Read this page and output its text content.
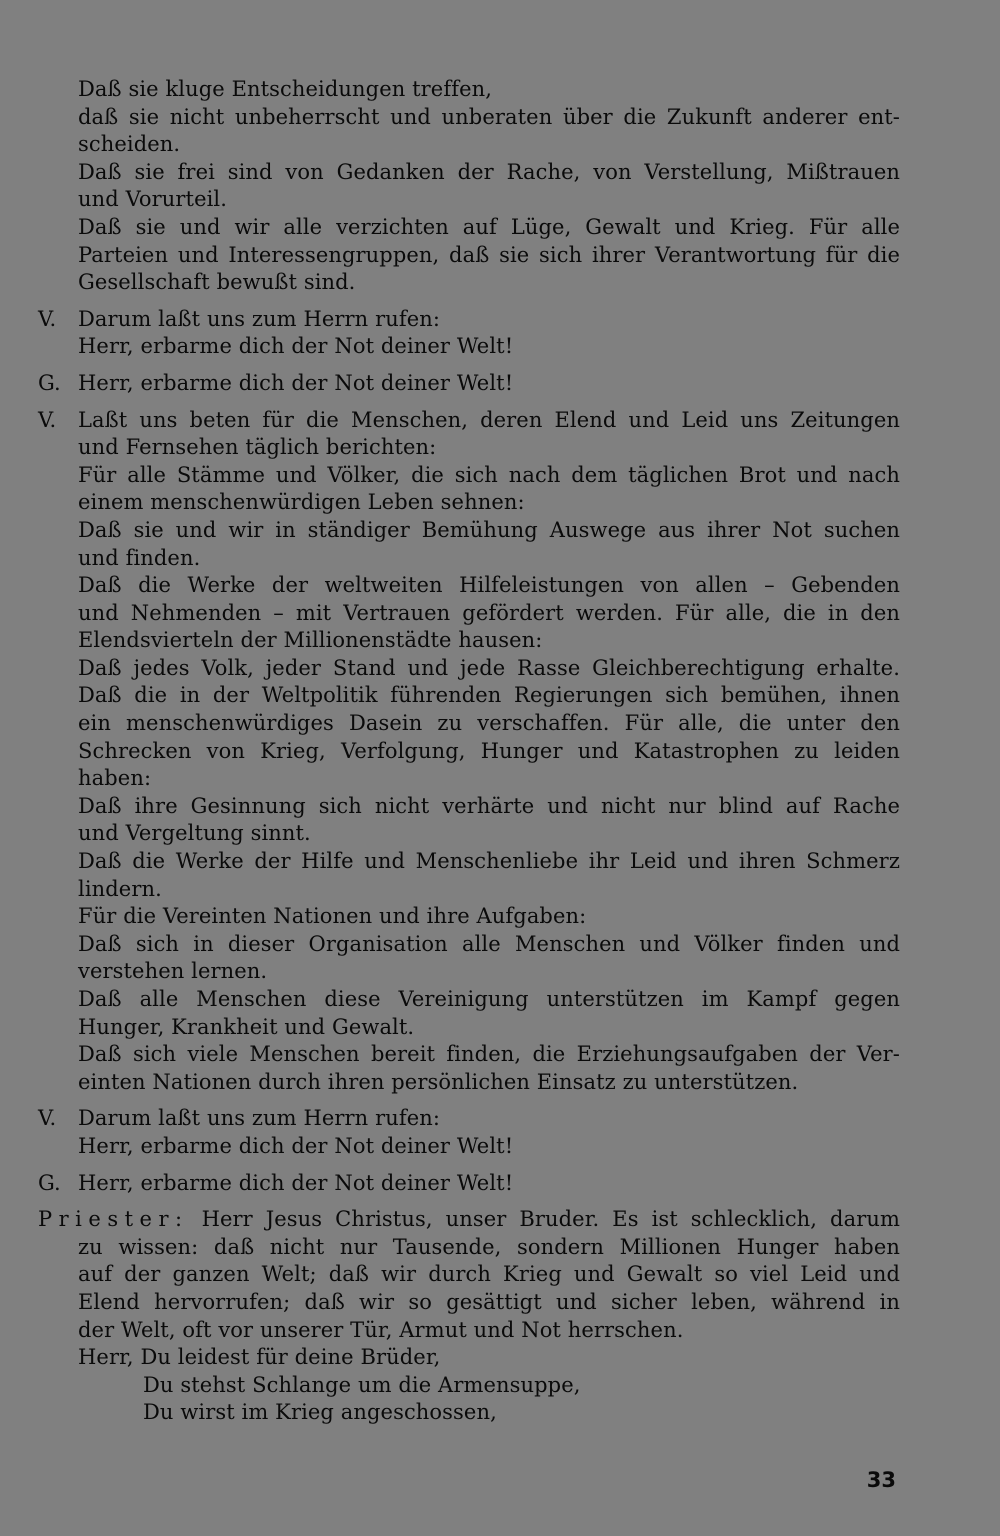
Daß sie kluge Entscheidungen treffen,
daß sie nicht unbeherrscht und unberaten über die Zukunft anderer ent-
scheiden.
Daß sie frei sind von Gedanken der Rache, von Verstellung, Mißtrauen
und Vorurteil.
Daß sie und wir alle verzichten auf Lüge, Gewalt und Krieg. Für alle
Parteien und Interessengruppen, daß sie sich ihrer Verantwortung für die
Gesellschaft bewußt sind.
V. Darum laßt uns zum Herrn rufen:
Herr, erbarme dich der Not deiner Welt!
G. Herr, erbarme dich der Not deiner Welt!
V. Laßt uns beten für die Menschen, deren Elend und Leid uns Zeitungen
und Fernsehen täglich berichten:
Für alle Stämme und Völker, die sich nach dem täglichen Brot und nach
einem menschenwürdigen Leben sehnen:
Daß sie und wir in ständiger Bemühung Auswege aus ihrer Not suchen
und finden.
Daß die Werke der weltweiten Hilfeleistungen von allen – Gebenden
und Nehmenden – mit Vertrauen gefördert werden. Für alle, die in den
Elendsvierteln der Millionenstädte hausen:
Daß jedes Volk, jeder Stand und jede Rasse Gleichberechtigung erhalte.
Daß die in der Weltpolitik führenden Regierungen sich bemühen, ihnen
ein menschenwürdiges Dasein zu verschaffen. Für alle, die unter den
Schrecken von Krieg, Verfolgung, Hunger und Katastrophen zu leiden
haben:
Daß ihre Gesinnung sich nicht verhärte und nicht nur blind auf Rache
und Vergeltung sinnt.
Daß die Werke der Hilfe und Menschenliebe ihr Leid und ihren Schmerz
lindern.
Für die Vereinten Nationen und ihre Aufgaben:
Daß sich in dieser Organisation alle Menschen und Völker finden und
verstehen lernen.
Daß alle Menschen diese Vereinigung unterstützen im Kampf gegen
Hunger, Krankheit und Gewalt.
Daß sich viele Menschen bereit finden, die Erziehungsaufgaben der Ver-
einten Nationen durch ihren persönlichen Einsatz zu unterstützen.
V. Darum laßt uns zum Herrn rufen:
Herr, erbarme dich der Not deiner Welt!
G. Herr, erbarme dich der Not deiner Welt!
Priester: Herr Jesus Christus, unser Bruder. Es ist schlecklich, darum
zu wissen: daß nicht nur Tausende, sondern Millionen Hunger haben
auf der ganzen Welt; daß wir durch Krieg und Gewalt so viel Leid und
Elend hervorrufen; daß wir so gesättigt und sicher leben, während in
der Welt, oft vor unserer Tür, Armut und Not herrschen.
Herr, Du leidest für deine Brüder,
Du stehst Schlange um die Armensuppe,
Du wirst im Krieg angeschossen,
33
